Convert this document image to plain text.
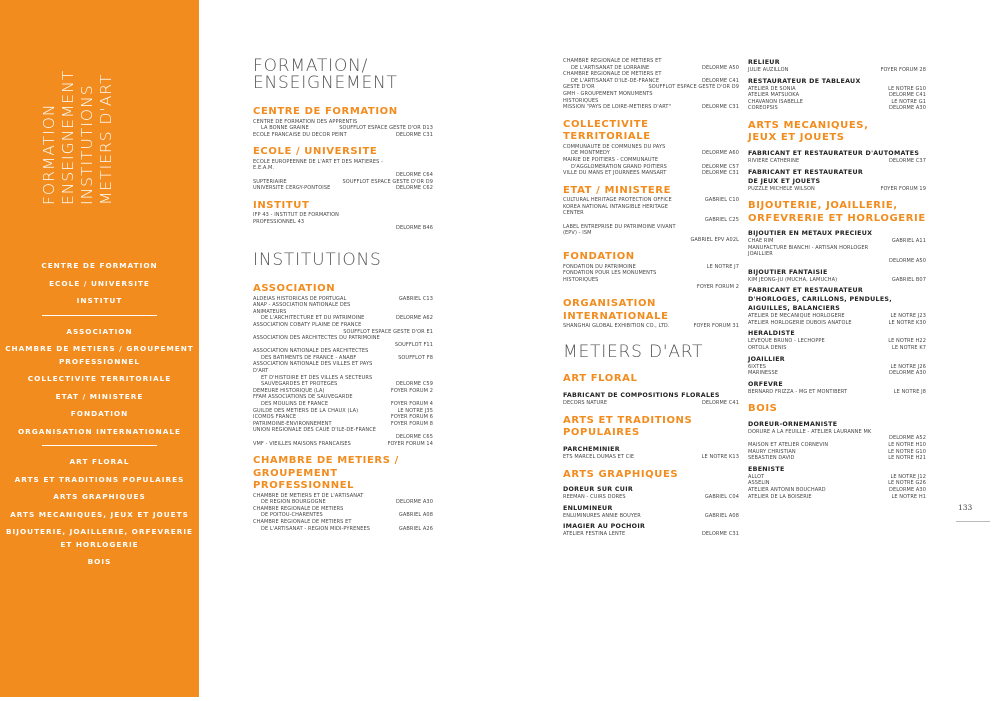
FORMATION ENSEIGNEMENT INSTITUTIONS METIERS D'ART
CENTRE DE FORMATION
ECOLE / UNIVERSITE
INSTITUT
ASSOCIATION
CHAMBRE DE METIERS / GROUPEMENT PROFESSIONNEL
COLLECTIVITE TERRITORIALE
ETAT / MINISTERE
FONDATION
ORGANISATION INTERNATIONALE
ART FLORAL
ARTS ET TRADITIONS POPULAIRES
ARTS GRAPHIQUES
ARTS MECANIQUES, JEUX ET JOUETS
BIJOUTERIE, JOAILLERIE, ORFEVRERIE ET HORLOGERIE
BOIS
FORMATION/
ENSEIGNEMENT
CENTRE DE FORMATION
CENTRE DE FORMATION DES APPRENTIS
LA BONNE GRAINE	SOUFFLOT ESPACE GESTE D'OR D13
ECOLE FRANCAISE DU DECOR PEINT	DELORME C31
ECOLE / UNIVERSITE
ECOLE EUROPEENNE DE L'ART ET DES MATIERES - E.E.A.M.
DELORME C64
SUPTERIAIRE	SOUFFLOT ESPACE GESTE D'OR D9
UNIVERSITE CERGY-PONTOISE	DELORME C62
INSTITUT
IFP 43 - INSTITUT DE FORMATION PROFESSIONNEL 43
DELORME B46
INSTITUTIONS
ASSOCIATION
ALDEIAS HISTORICAS DE PORTUGAL	GABRIEL C13
ANAP - ASSOCIATION NATIONALE DES ANIMATEURS
DE L'ARCHITECTURE ET DU PATRIMOINE	DELORME A62
ASSOCIATION COBATY PLAINE DE FRANCE
SOUFFLOT ESPACE GESTE D'OR E1
ASSOCIATION DES ARCHITECTES DU PATRIMOINE
SOUFFLOT F11
ASSOCIATION NATIONALE DES ARCHITECTES
DES BATIMENTS DE FRANCE - ANABF	SOUFFLOT F8
ASSOCIATION NATIONALE DES VILLES ET PAYS D'ART
ET D'HISTOIRE ET DES VILLES A SECTEURS
SAUVEGARDES ET PROTEGES	DELORME C59
DEMEURE HISTORIQUE (LA)	FOYER FORUM 2
FFAM ASSOCIATIONS DE SAUVEGARDE
DES MOULINS DE FRANCE	FOYER FORUM 4
GUILDE DES METIERS DE LA CHAUX (LA)	LE NOTRE J35
ICOMOS FRANCE	FOYER FORUM 6
PATRIMOINE-ENVIRONNEMENT	FOYER FORUM 8
UNION REGIONALE DES CAUE D'ILE-DE-FRANCE
DELORME C65
VMF - VIEILLES MAISONS FRANCAISES	FOYER FORUM 14
CHAMBRE DE METIERS /
GROUPEMENT PROFESSIONNEL
CHAMBRE DE METIERS ET DE L'ARTISANAT
DE REGION BOURGOGNE	DELORME A30
CHAMBRE REGIONALE DE METIERS
DE POITOU-CHARENTES	GABRIEL A08
CHAMBRE REGIONALE DE METIERS ET
DE L'ARTISANAT - REGION MIDI-PYRENEES	GABRIEL A26
CHAMBRE REGIONALE DE METIERS ET
DE L'ARTISANAT DE LORRAINE	DELORME A50
CHAMBRE REGIONALE DE METIERS ET
DE L'ARTISANAT D'ILE-DE-FRANCE	DELORME C41
GESTE D'OR	SOUFFLOT ESPACE GESTE D'OR D9
GMH - GROUPEMENT MONUMENTS HISTORIQUES
MISSION "PAYS DE LOIRE-METIERS D'ART"	DELORME C31
COLLECTIVITE TERRITORIALE
COMMUNAUTE DE COMMUNES DU PAYS
DE MONTMEDY	DELORME A60
MAIRIE DE POITIERS - COMMUNAUTE
D'AGGLOMERATION GRAND POITIERS	DELORME C57
VILLE DU MANS ET JOURNEES MANSART	DELORME C31
ETAT / MINISTERE
CULTURAL HERITAGE PROTECTION OFFICE	GABRIEL C10
KOREA NATIONAL INTANGIBLE HERITAGE CENTER
GABRIEL C25
LABEL ENTREPRISE DU PATRIMOINE VIVANT (EPV) - ISM
GABRIEL EPV A02L
FONDATION
FONDATION DU PATRIMOINE	LE NOTRE J7
FONDATION POUR LES MONUMENTS HISTORIQUES
FOYER FORUM 2
ORGANISATION
INTERNATIONALE
SHANGHAI GLOBAL EXHIBITION CO., LTD.	FOYER FORUM 31
METIERS D'ART
ART FLORAL
FABRICANT DE COMPOSITIONS FLORALES
DECORS NATURE	DELORME C41
ARTS ET TRADITIONS
POPULAIRES
PARCHEMINIER
ETS MARCEL DUMAS ET CIE	LE NOTRE K13
ARTS GRAPHIQUES
DOREUR SUR CUIR
REEMAN - CUIRS DORES	GABRIEL C04
ENLUMINEUR
ENLUMINURES ANNIE BOUYER	GABRIEL A08
IMAGIER AU POCHOIR
ATELIER FESTINA LENTE	DELORME C31
RELIEUR
JULIE AUZILLON	FOYER FORUM 28
RESTAURATEUR DE TABLEAUX
ATELIER DE SONIA	LE NOTRE G10
ATELIER MATSUOKA	DELORME C41
CHAVANON ISABELLE	LE NOTRE G1
COREOPSIS	DELORME A30
ARTS MECANIQUES,
JEUX ET JOUETS
FABRICANT ET RESTAURATEUR D'AUTOMATES
RIVIERE CATHERINE	DELORME C37
FABRICANT ET RESTAURATEUR
DE JEUX ET JOUETS
PUZZLE MICHELE WILSON	FOYER FORUM 19
BIJOUTERIE, JOAILLERIE,
ORFEVRERIE ET HORLOGERIE
BIJOUTIER EN METAUX PRECIEUX
CHAE RIM	GABRIEL A11
MANUFACTURE BIANCHI - ARTISAN HORLOGER JOAILLIER
DELORME A50
BIJOUTIER FANTAISIE
KIM JEONG-JU (MUCHA, LAMUCHA)	GABRIEL B07
FABRICANT ET RESTAURATEUR
D'HORLOGES, CARILLONS, PENDULES,
AIGUILLES, BALANCIERS
ATELIER DE MECANIQUE HORLOGERE	LE NOTRE J23
ATELIER HORLOGERIE DUBOIS ANATOLE	LE NOTRE K30
HERALDISTE
LEVEQUE BRUNO - LECHOPPE	LE NOTRE H22
ORTOLA DENIS	LE NOTRE K7
JOAILLIER
6IXTES	LE NOTRE J26
MARINESSE	DELORME A30
ORFEVRE
BERNARD FRIZZA - MG ET MONTIBERT	LE NOTRE J8
BOIS
DOREUR-ORNEMANISTE
DORURE A LA FEUILLE - ATELIER LAURANNE MK
DELORME A52
MAISON ET ATELIER CORNEVIN	LE NOTRE H10
MAURY CHRISTIAN	LE NOTRE G10
SEBASTIEN DAVID	LE NOTRE H21
EBENISTE
ALLOT	LE NOTRE J12
ASSELIN	LE NOTRE G26
ATELIER ANTONIN BOUCHARD	DELORME A30
ATELIER DE LA BOISERIE	LE NOTRE H1
133
